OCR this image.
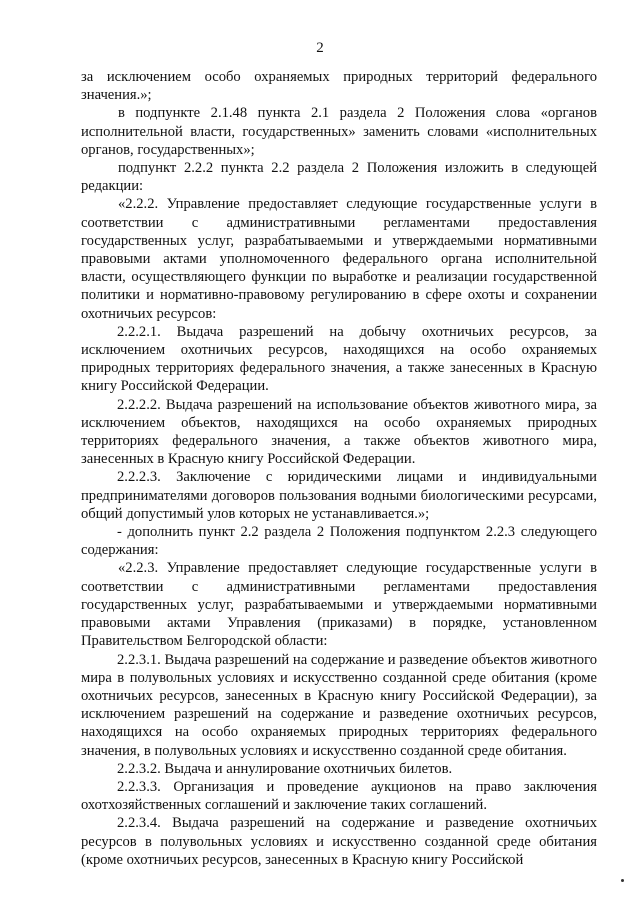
2

за исключением особо охраняемых природных территорий федерального значения.»;

в подпункте 2.1.48 пункта 2.1 раздела 2 Положения слова «органов исполнительной власти, государственных» заменить словами «исполнительных органов, государственных»;

подпункт 2.2.2 пункта 2.2 раздела 2 Положения изложить в следующей редакции:

«2.2.2. Управление предоставляет следующие государственные услуги в соответствии с административными регламентами предоставления государственных услуг, разрабатываемыми и утверждаемыми нормативными правовыми актами уполномоченного федерального органа исполнительной власти, осуществляющего функции по выработке и реализации государственной политики и нормативно-правовому регулированию в сфере охоты и сохранении охотничьих ресурсов:

2.2.2.1. Выдача разрешений на добычу охотничьих ресурсов, за исключением охотничьих ресурсов, находящихся на особо охраняемых природных территориях федерального значения, а также занесенных в Красную книгу Российской Федерации.

2.2.2.2. Выдача разрешений на использование объектов животного мира, за исключением объектов, находящихся на особо охраняемых природных территориях федерального значения, а также объектов животного мира, занесенных в Красную книгу Российской Федерации.

2.2.2.3. Заключение с юридическими лицами и индивидуальными предпринимателями договоров пользования водными биологическими ресурсами, общий допустимый улов которых не устанавливается.»;

- дополнить пункт 2.2 раздела 2 Положения подпунктом 2.2.3 следующего содержания:

«2.2.3. Управление предоставляет следующие государственные услуги в соответствии с административными регламентами предоставления государственных услуг, разрабатываемыми и утверждаемыми нормативными правовыми актами Управления (приказами) в порядке, установленном Правительством Белгородской области:

2.2.3.1. Выдача разрешений на содержание и разведение объектов животного мира в полувольных условиях и искусственно созданной среде обитания (кроме охотничьих ресурсов, занесенных в Красную книгу Российской Федерации), за исключением разрешений на содержание и разведение охотничьих ресурсов, находящихся на особо охраняемых природных территориях федерального значения, в полувольных условиях и искусственно созданной среде обитания.

2.2.3.2. Выдача и аннулирование охотничьих билетов.

2.2.3.3. Организация и проведение аукционов на право заключения охотхозяйственных соглашений и заключение таких соглашений.

2.2.3.4. Выдача разрешений на содержание и разведение охотничьих ресурсов в полувольных условиях и искусственно созданной среде обитания (кроме охотничьих ресурсов, занесенных в Красную книгу Российской
